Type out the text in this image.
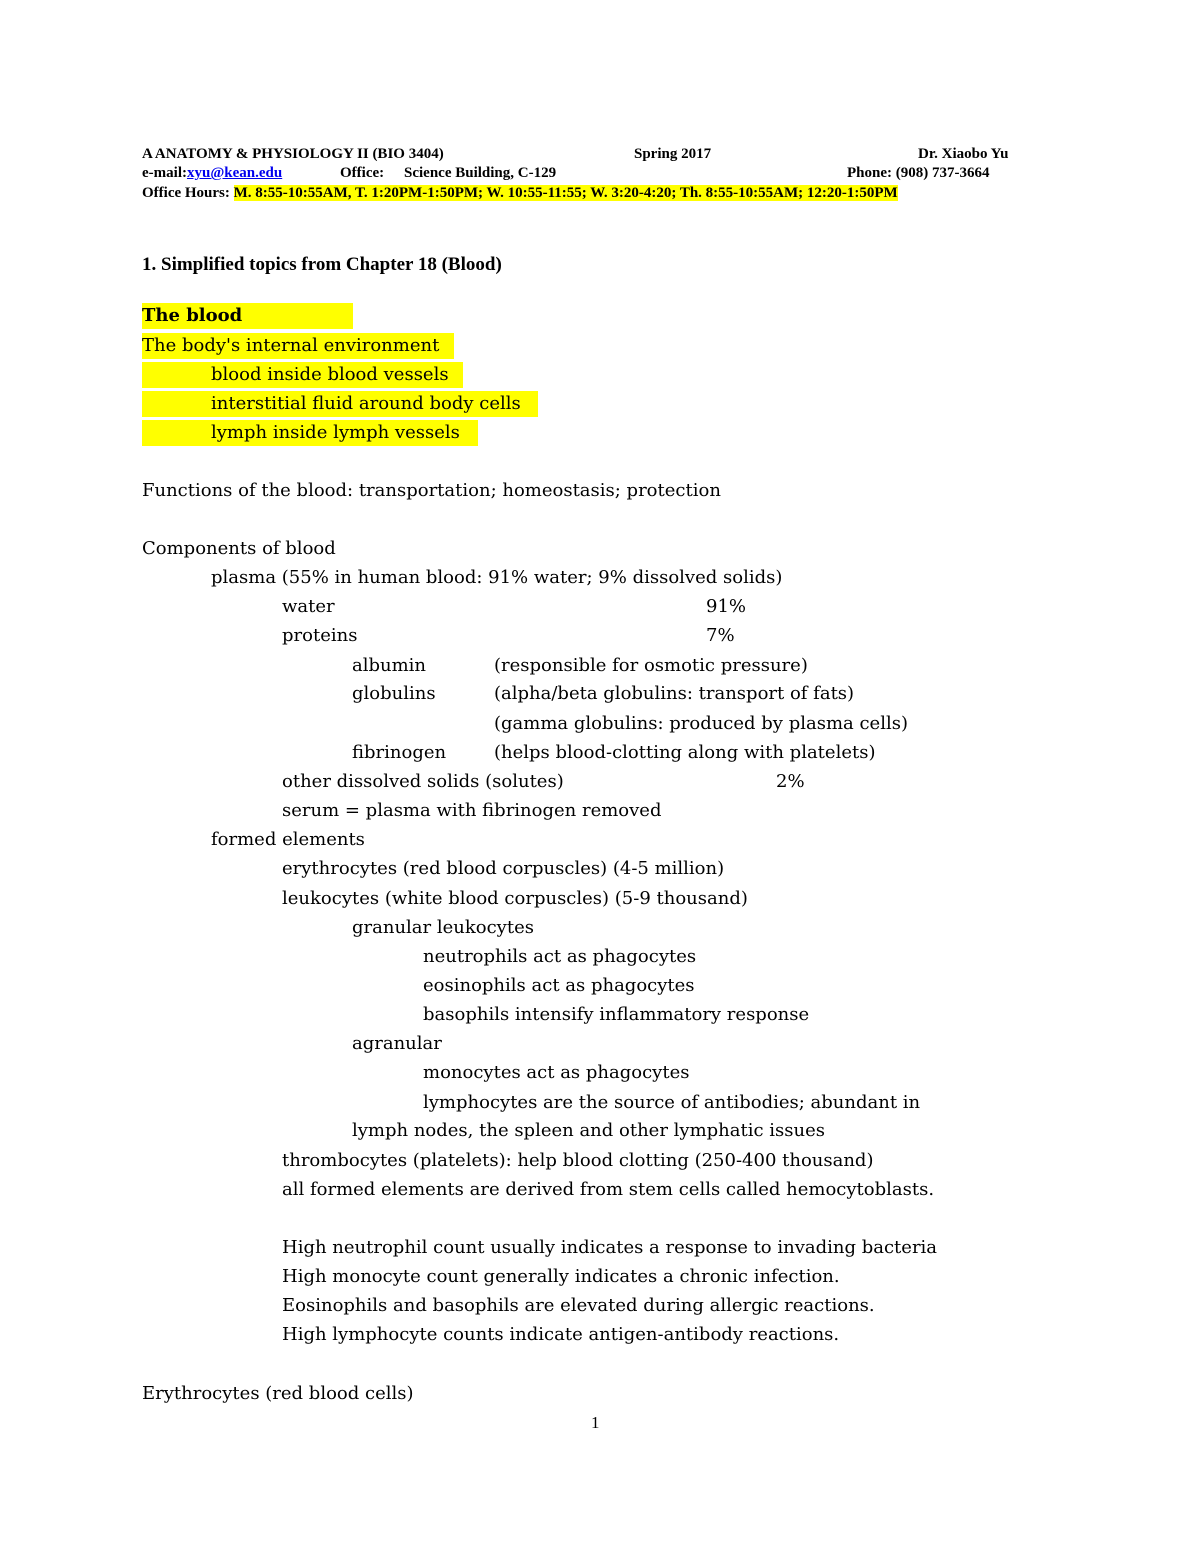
A ANATOMY & PHYSIOLOGY II (BIO 3404)	Spring 2017	Dr. Xiaobo Yu
e-mail:xyu@kean.edu	Office: Science Building, C-129	Phone: (908) 737-3664
Office Hours: M. 8:55-10:55AM, T. 1:20PM-1:50PM; W. 10:55-11:55; W. 3:20-4:20; Th. 8:55-10:55AM; 12:20-1:50PM
1. Simplified topics from Chapter 18 (Blood)
The blood
The body's internal environment
blood inside blood vessels
interstitial fluid around body cells
lymph inside lymph vessels
Functions of the blood: transportation; homeostasis; protection
Components of blood
plasma (55% in human blood: 91% water; 9% dissolved solids)
water	91%
proteins	7%
albumin	(responsible for osmotic pressure)
globulins	(alpha/beta globulins: transport of fats)
(gamma globulins: produced by plasma cells)
fibrinogen	(helps blood-clotting along with platelets)
other dissolved solids (solutes)	2%
serum = plasma with fibrinogen removed
formed elements
erythrocytes (red blood corpuscles) (4-5 million)
leukocytes (white blood corpuscles) (5-9 thousand)
granular leukocytes
neutrophils act as phagocytes
eosinophils act as phagocytes
basophils intensify inflammatory response
agranular
monocytes act as phagocytes
lymphocytes are the source of antibodies; abundant in
lymph nodes, the spleen and other lymphatic issues
thrombocytes (platelets): help blood clotting (250-400 thousand)
all formed elements are derived from stem cells called hemocytoblasts.
High neutrophil count usually indicates a response to invading bacteria
High monocyte count generally indicates a chronic infection.
Eosinophils and basophils are elevated during allergic reactions.
High lymphocyte counts indicate antigen-antibody reactions.
Erythrocytes (red blood cells)
1
